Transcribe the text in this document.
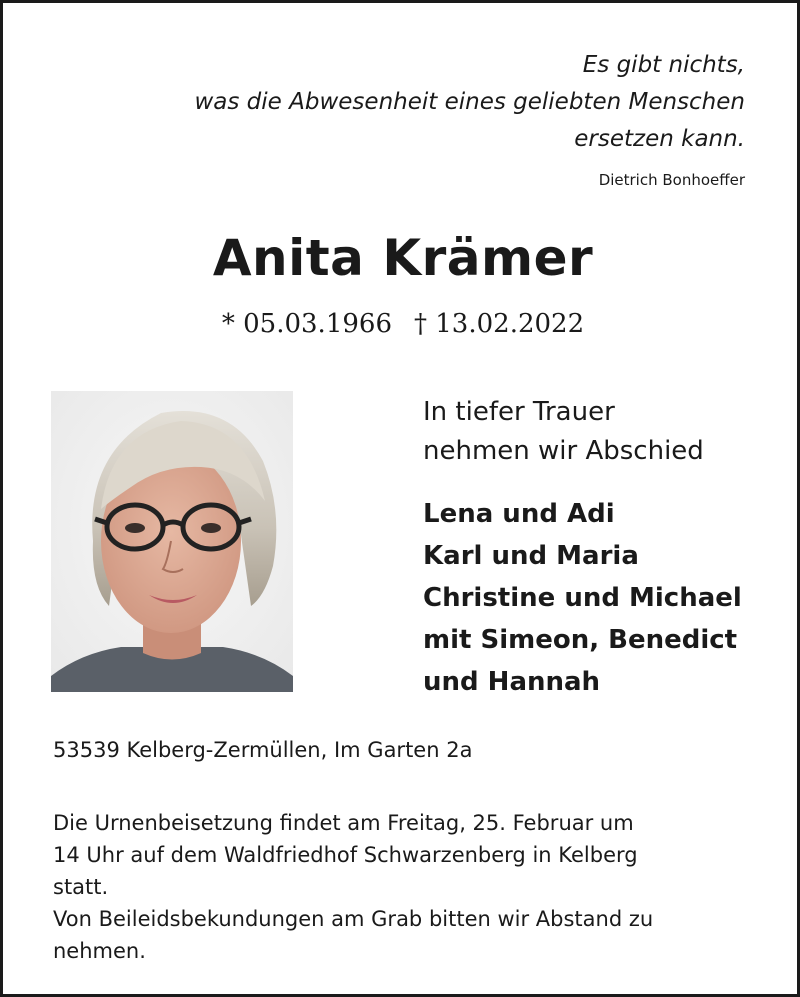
Es gibt nichts,
was die Abwesenheit eines geliebten Menschen
ersetzen kann.
Dietrich Bonhoeffer
Anita Krämer
* 05.03.1966 † 13.02.2022
In tiefer Trauer
nehmen wir Abschied
Lena und Adi
Karl und Maria
Christine und Michael
mit Simeon, Benedict
und Hannah
53539 Kelberg-Zermüllen, Im Garten 2a
Die Urnenbeisetzung findet am Freitag, 25. Februar um
14 Uhr auf dem Waldfriedhof Schwarzenberg in Kelberg
statt.
Von Beileidsbekundungen am Grab bitten wir Abstand zu
nehmen.
